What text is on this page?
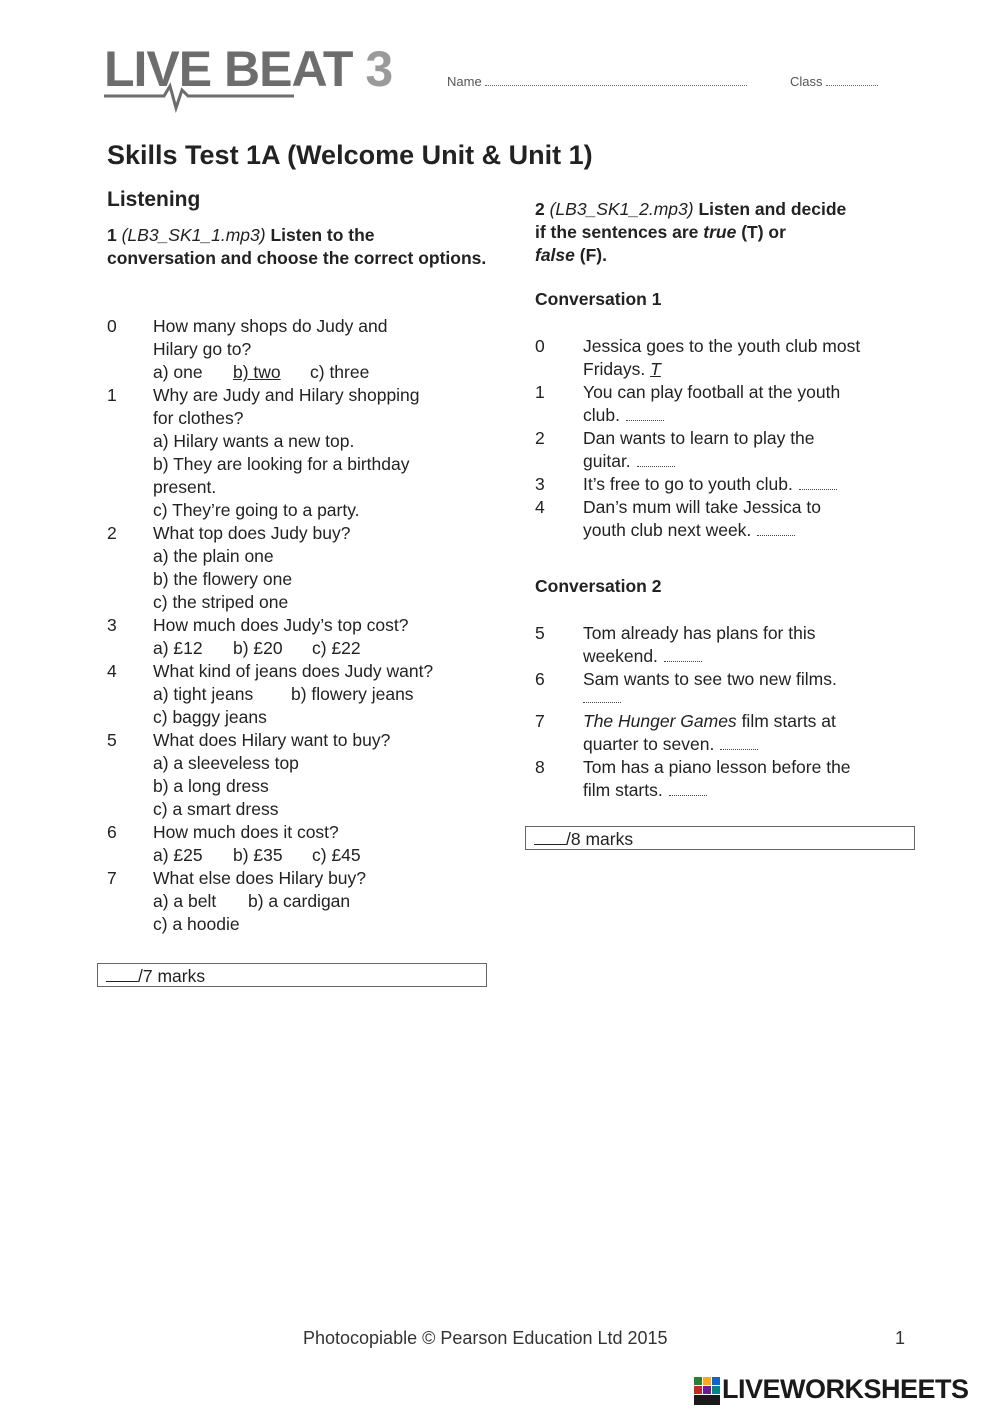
LIVE BEAT 3	Name	Class
Skills Test 1A (Welcome Unit & Unit 1)
Listening
1 (LB3_SK1_1.mp3) Listen to the conversation and choose the correct options.
0 How many shops do Judy and
Hilary go to?
a) one b) two c) three
1 Why are Judy and Hilary shopping
for clothes?
a) Hilary wants a new top.
b) They are looking for a birthday
present.
c) They’re going to a party.
2 What top does Judy buy?
a) the plain one
b) the flowery one
c) the striped one
3 How much does Judy’s top cost?
a) £12 b) £20 c) £22
4 What kind of jeans does Judy want?
a) tight jeans b) flowery jeans
c) baggy jeans
5 What does Hilary want to buy?
a) a sleeveless top
b) a long dress
c) a smart dress
6 How much does it cost?
a) £25 b) £35 c) £45
7 What else does Hilary buy?
a) a belt b) a cardigan
c) a hoodie
/7 marks
2 (LB3_SK1_2.mp3) Listen and decide
if the sentences are true (T) or
false (F).
Conversation 1
0 Jessica goes to the youth club most
Fridays. T
1 You can play football at the youth
club.
2 Dan wants to learn to play the
guitar.
3 It’s free to go to youth club.
4 Dan’s mum will take Jessica to
youth club next week.
Conversation 2
5 Tom already has plans for this
weekend.
6 Sam wants to see two new films.
7 The Hunger Games film starts at
quarter to seven.
8 Tom has a piano lesson before the
film starts.
/8 marks
Photocopiable © Pearson Education Ltd 2015	1
LIVEWORKSHEETS
